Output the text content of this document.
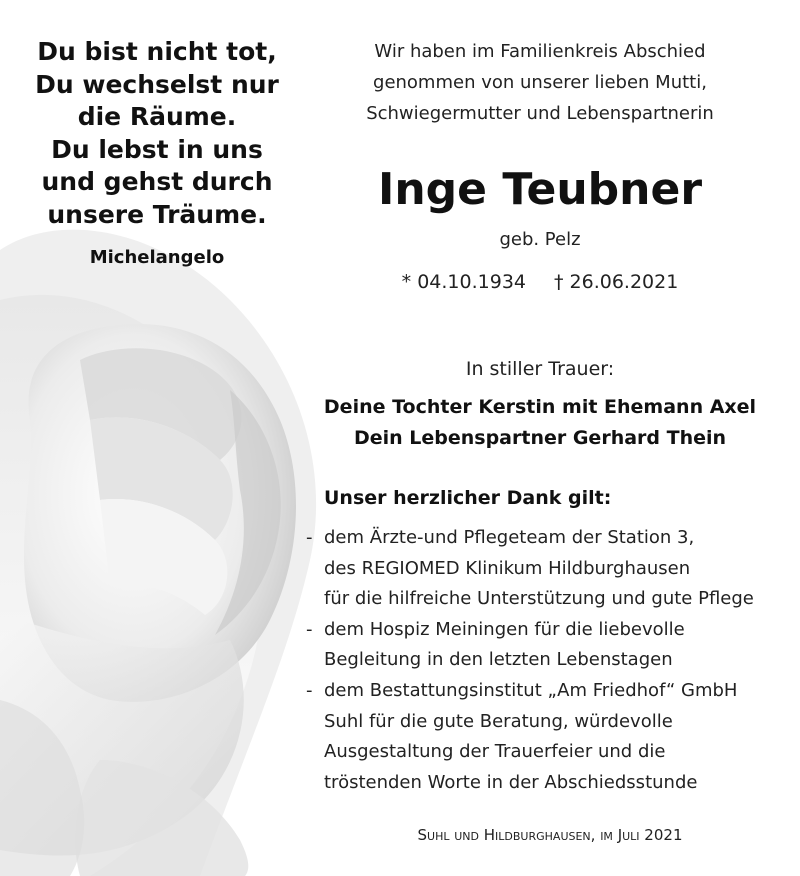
Du bist nicht tot,
Du wechselst nur
die Räume.
Du lebst in uns
und gehst durch
unsere Träume.
Michelangelo
Wir haben im Familienkreis Abschied
genommen von unserer lieben Mutti,
Schwiegermutter und Lebenspartnerin
Inge Teubner
geb. Pelz
* 04.10.1934 † 26.06.2021
In stiller Trauer:
Deine Tochter Kerstin mit Ehemann Axel
Dein Lebenspartner Gerhard Thein
Unser herzlicher Dank gilt:
- dem Ärzte-und Pflegeteam der Station 3,
des REGIOMED Klinikum Hildburghausen
für die hilfreiche Unterstützung und gute Pflege
- dem Hospiz Meiningen für die liebevolle
Begleitung in den letzten Lebenstagen
- dem Bestattungsinstitut „Am Friedhof“ GmbH
Suhl für die gute Beratung, würdevolle
Ausgestaltung der Trauerfeier und die
tröstenden Worte in der Abschiedsstunde
Suhl und Hildburghausen, im Juli 2021
